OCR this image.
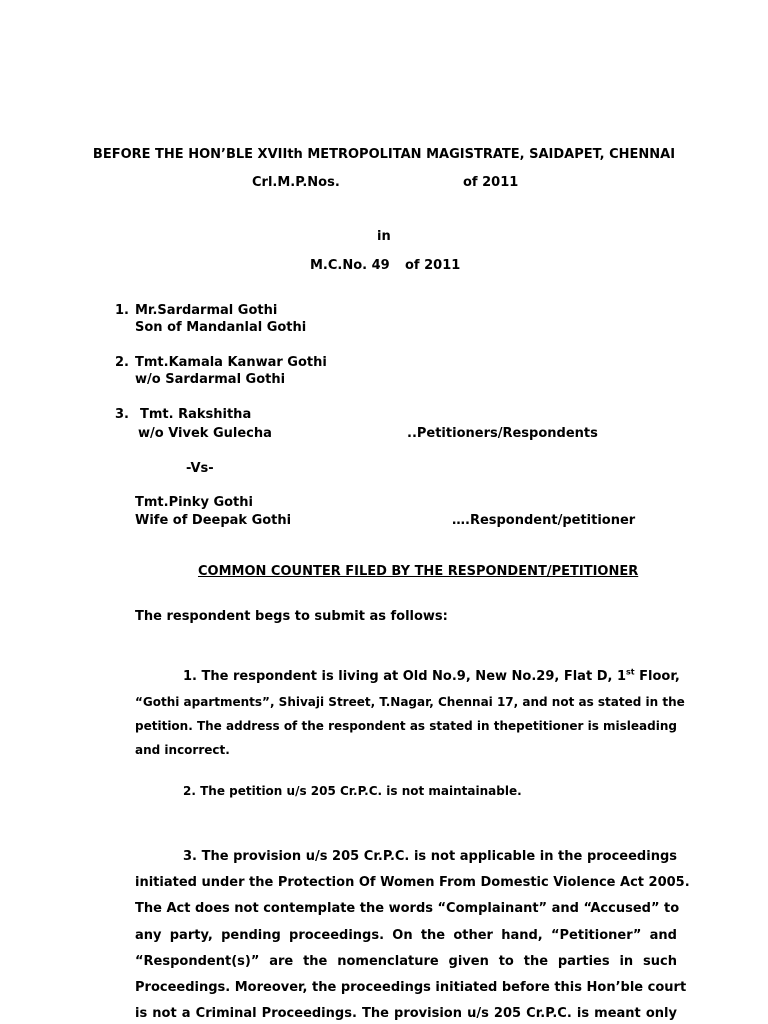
BEFORE THE HON’BLE XVIIth METROPOLITAN MAGISTRATE, SAIDAPET, CHENNAI
Crl.M.P.Nos.	of 2011
in
M.C.No. 49 of 2011
1. Mr.Sardarmal Gothi
Son of Mandanlal Gothi
2. Tmt.Kamala Kanwar Gothi
w/o Sardarmal Gothi
3. Tmt. Rakshitha
w/o Vivek Gulecha	..Petitioners/Respondents
-Vs-
Tmt.Pinky Gothi
Wife of Deepak Gothi	….Respondent/petitioner
COMMON COUNTER FILED BY THE RESPONDENT/PETITIONER
The respondent begs to submit as follows:
1. The respondent is living at Old No.9, New No.29, Flat D, 1st Floor,
“Gothi apartments”, Shivaji Street, T.Nagar, Chennai 17, and not as stated in the
petition. The address of the respondent as stated in thepetitioner is misleading
and incorrect.
2. The petition u/s 205 Cr.P.C. is not maintainable.
3. The provision u/s 205 Cr.P.C. is not applicable in the proceedings
initiated under the Protection Of Women From Domestic Violence Act 2005.
The Act does not contemplate the words “Complainant” and “Accused” to
any party, pending proceedings. On the other hand, “Petitioner” and
“Respondent(s)” are the nomenclature given to the parties in such
Proceedings. Moreover, the proceedings initiated before this Hon’ble court
is not a Criminal Proceedings. The provision u/s 205 Cr.P.C. is meant only
